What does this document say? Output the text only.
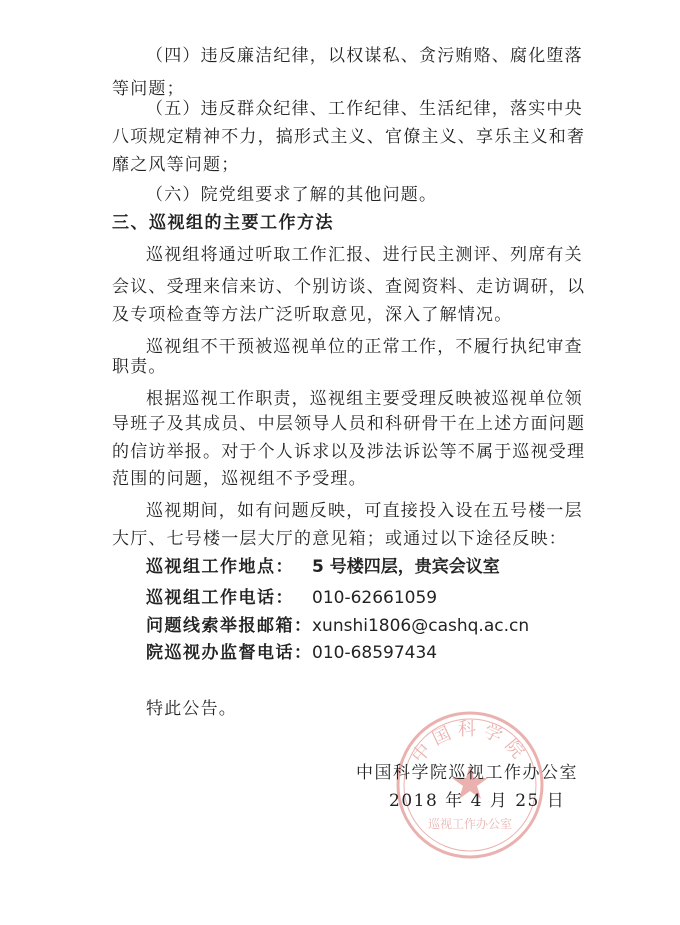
（四）违反廉洁纪律，以权谋私、贪污贿赂、腐化堕落
等问题；
（五）违反群众纪律、工作纪律、生活纪律，落实中央
八项规定精神不力，搞形式主义、官僚主义、享乐主义和奢
靡之风等问题；
（六）院党组要求了解的其他问题。
三、巡视组的主要工作方法
巡视组将通过听取工作汇报、进行民主测评、列席有关
会议、受理来信来访、个别访谈、查阅资料、走访调研，以
及专项检查等方法广泛听取意见，深入了解情况。
巡视组不干预被巡视单位的正常工作，不履行执纪审查
职责。
根据巡视工作职责，巡视组主要受理反映被巡视单位领
导班子及其成员、中层领导人员和科研骨干在上述方面问题
的信访举报。对于个人诉求以及涉法诉讼等不属于巡视受理
范围的问题，巡视组不予受理。
巡视期间，如有问题反映，可直接投入设在五号楼一层
大厅、七号楼一层大厅的意见箱；或通过以下途径反映：
巡视组工作地点： 5 号楼四层，贵宾会议室
巡视组工作电话： 010-62661059
问题线索举报邮箱： xunshi1806@cashq.ac.cn
院巡视办监督电话： 010-68597434
特此公告。
中国科学院
巡视工作办公室
中国科学院巡视工作办公室
2018 年 4 月 25 日
